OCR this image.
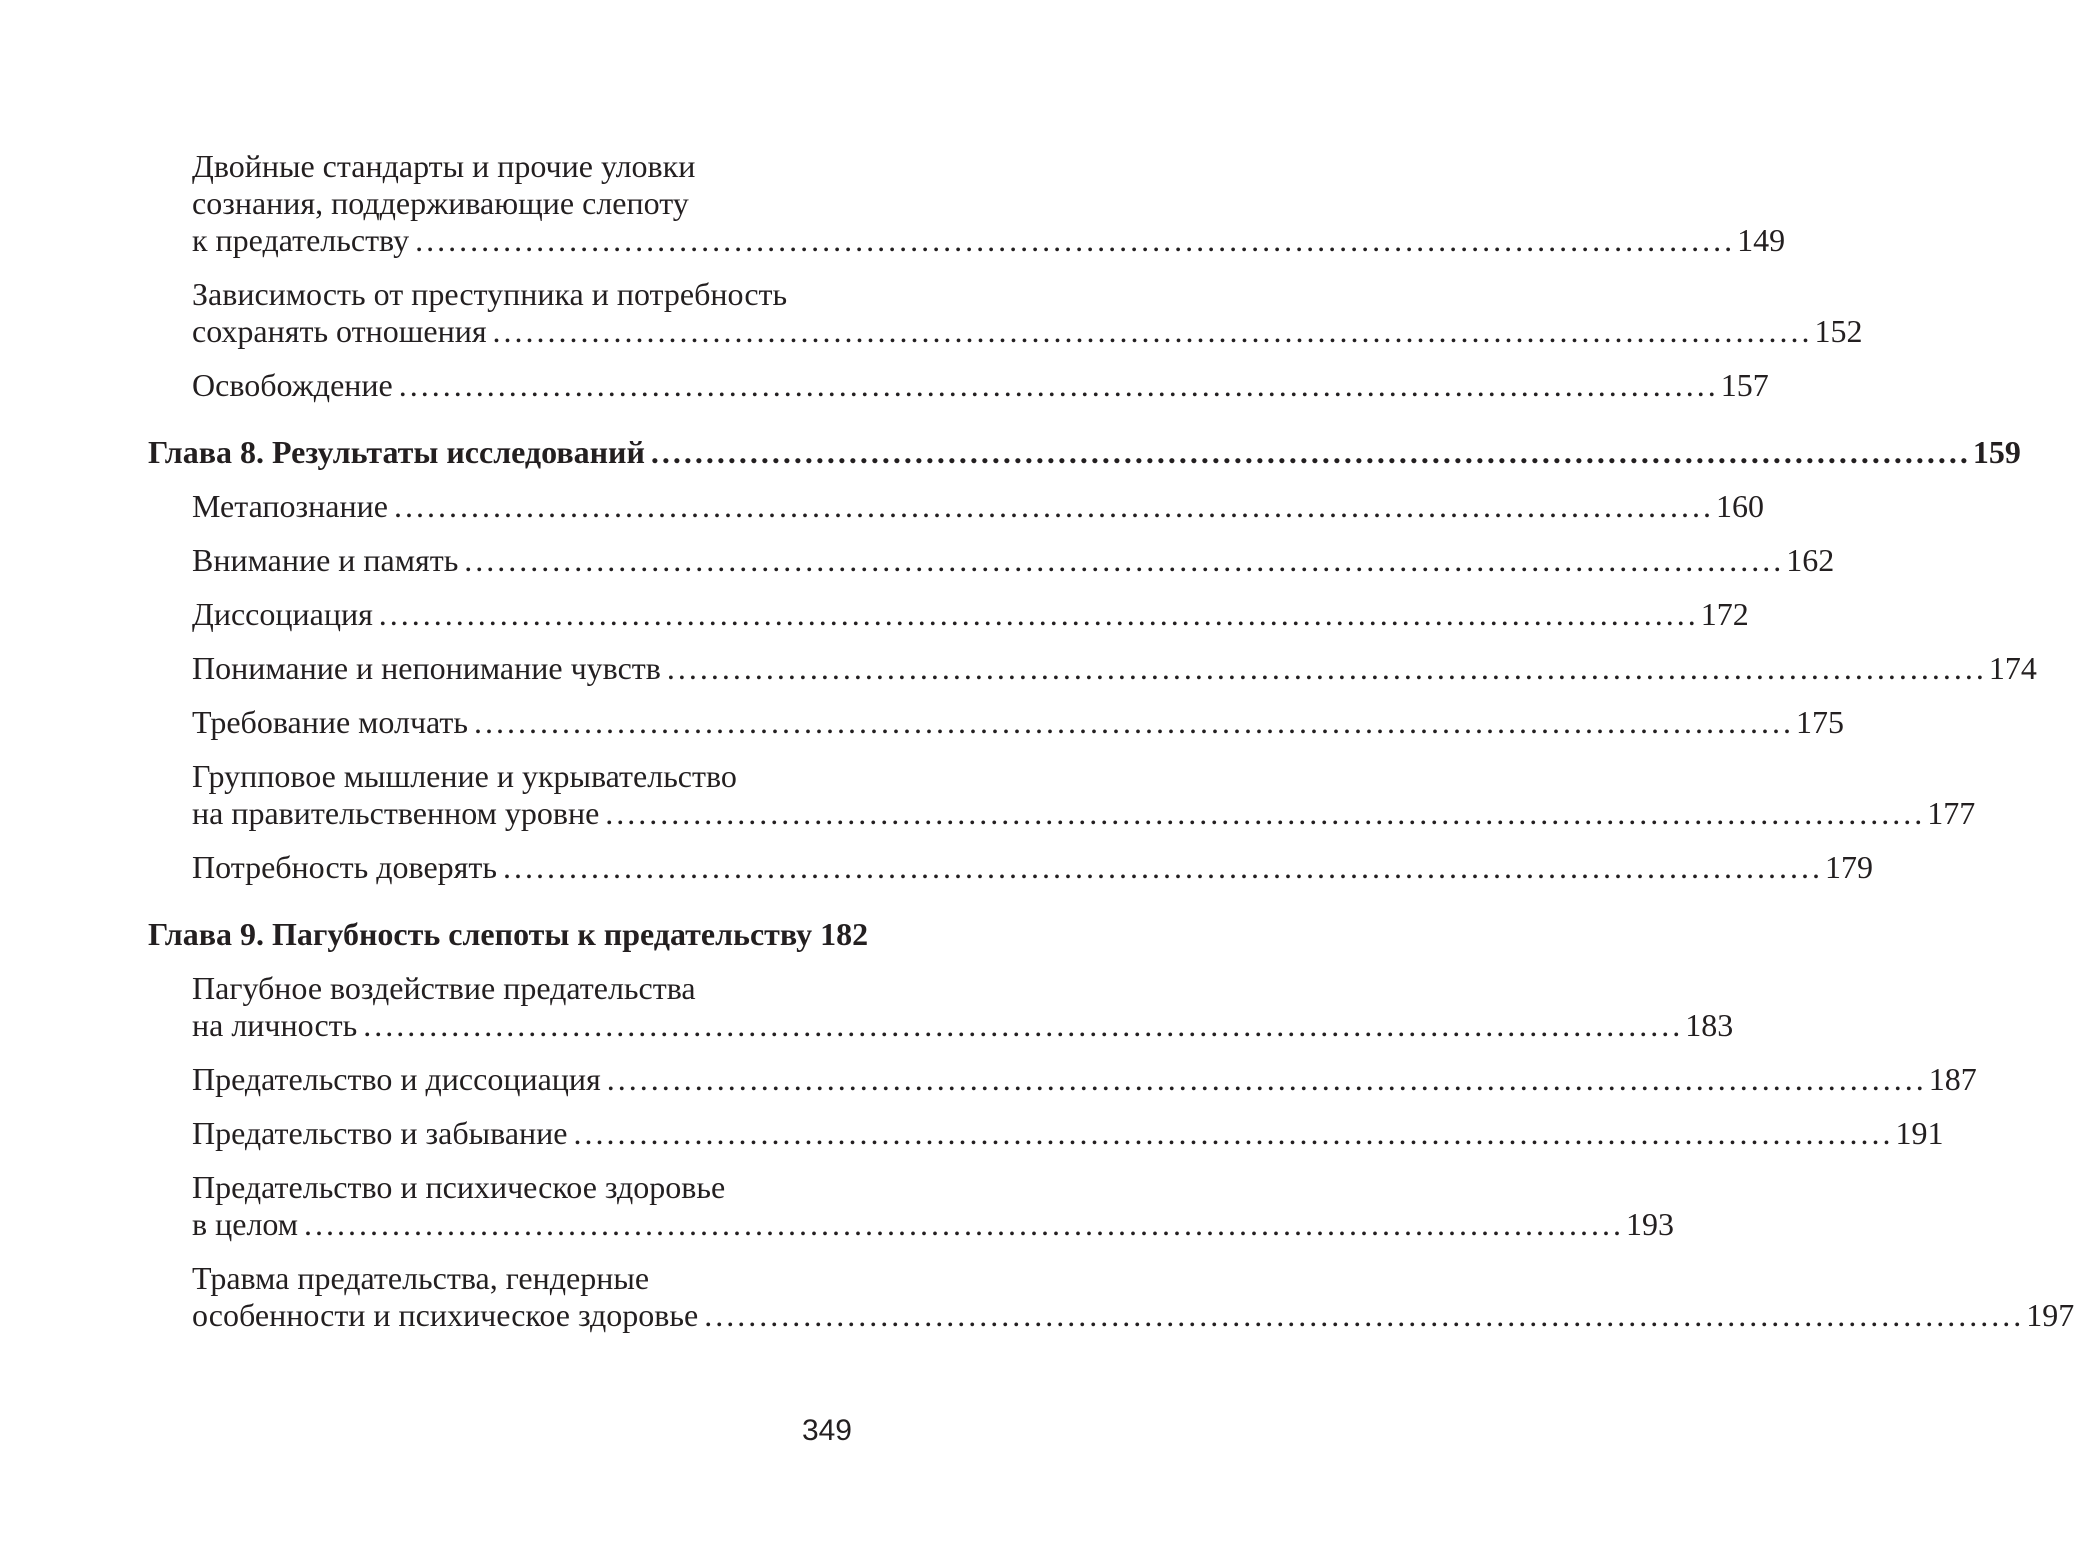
Двойные стандарты и прочие уловки
сознания, поддерживающие слепоту
к предательству ........................................................................................................................ 149
Зависимость от преступника и потребность
сохранять отношения ........................................................................................................................ 152
Освобождение ........................................................................................................................ 157
Глава 8. Результаты исследований ........................................................................................................................ 159
Метапознание ........................................................................................................................ 160
Внимание и память ........................................................................................................................ 162
Диссоциация ........................................................................................................................ 172
Понимание и непонимание чувств ........................................................................................................................ 174
Требование молчать ........................................................................................................................ 175
Групповое мышление и укрывательство
на правительственном уровне ........................................................................................................................ 177
Потребность доверять ........................................................................................................................ 179
Глава 9. Пагубность слепоты к предательству 182
Пагубное воздействие предательства
на личность ........................................................................................................................ 183
Предательство и диссоциация ........................................................................................................................ 187
Предательство и забывание ........................................................................................................................ 191
Предательство и психическое здоровье
в целом ........................................................................................................................ 193
Травма предательства, гендерные
особенности и психическое здоровье ........................................................................................................................ 197
349
